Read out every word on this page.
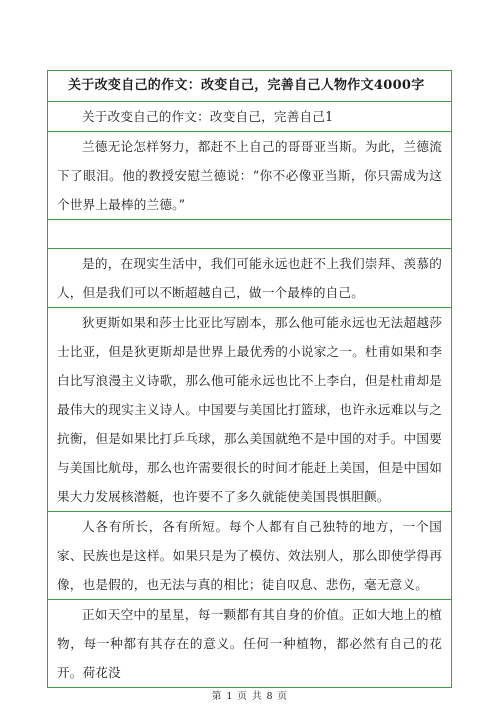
关于改变自己的作文：改变自己，完善自己人物作文4000字
关于改变自己的作文：改变自己，完善自己1
兰德无论怎样努力，都赶不上自己的哥哥亚当斯。为此，兰德流下了眼泪。他的教授安慰兰德说：“你不必像亚当斯，你只需成为这个世界上最棒的兰德。”
是的，在现实生活中，我们可能永远也赶不上我们崇拜、羡慕的人，但是我们可以不断超越自己，做一个最棒的自己。
狄更斯如果和莎士比亚比写剧本，那么他可能永远也无法超越莎士比亚，但是狄更斯却是世界上最优秀的小说家之一。杜甫如果和李白比写浪漫主义诗歌，那么他可能永远也比不上李白，但是杜甫却是最伟大的现实主义诗人。中国要与美国比打篮球，也许永远难以与之抗衡，但是如果比打乒乓球，那么美国就绝不是中国的对手。中国要与美国比航母，那么也许需要很长的时间才能赶上美国，但是中国如果大力发展核潜艇，也许要不了多久就能使美国畏惧胆颤。
人各有所长，各有所短。每个人都有自己独特的地方，一个国家、民族也是这样。如果只是为了模仿、效法别人，那么即使学得再像，也是假的，也无法与真的相比；徒自叹息、悲伤，毫无意义。
正如天空中的星星，每一颗都有其自身的价值。正如大地上的植物，每一种都有其存在的意义。任何一种植物，都必然有自己的花开。荷花没
第 1 页 共 8 页
